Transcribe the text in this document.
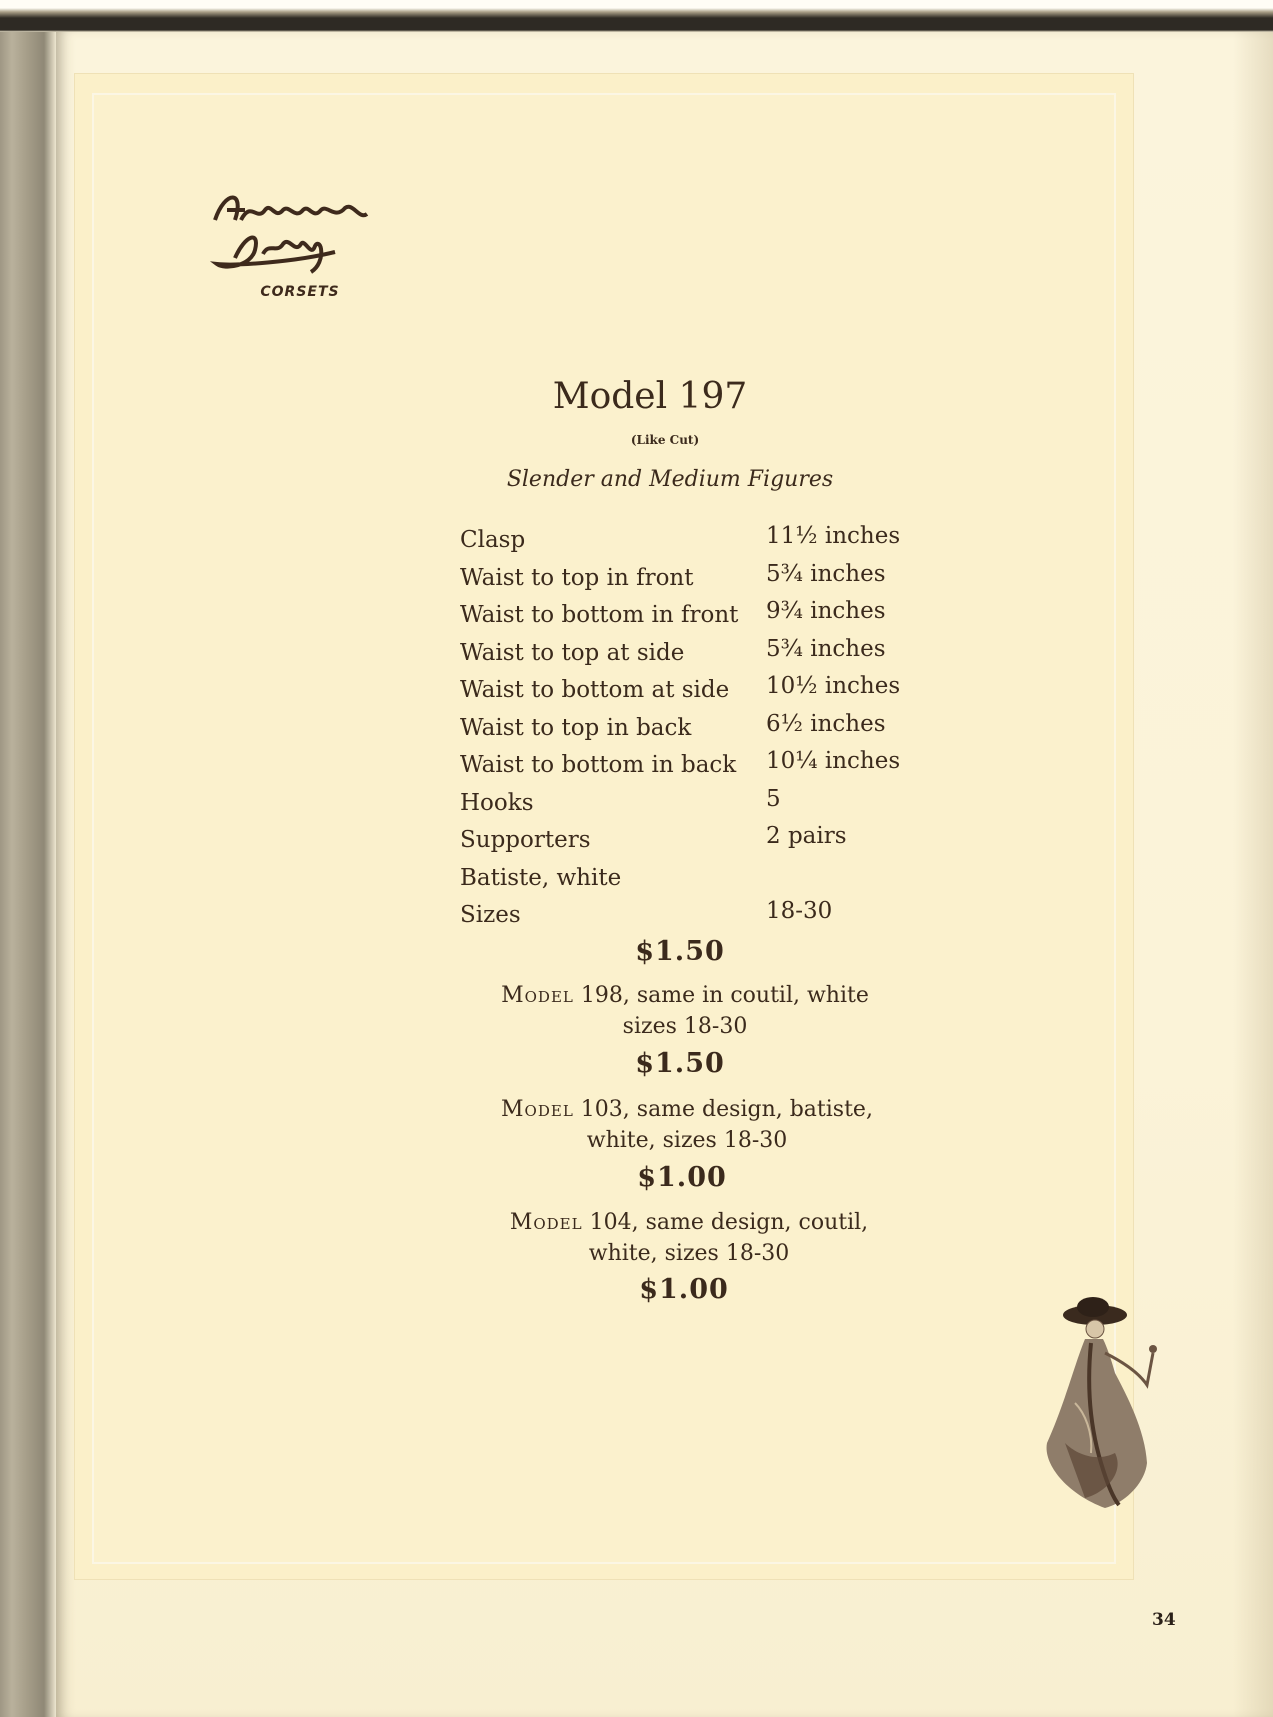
CORSETS
Model 197
(Like Cut)
Slender and Medium Figures
Clasp	11½ inches
Waist to top in front	5¾ inches
Waist to bottom in front 9¾ inches
Waist to top at side	5¾ inches
Waist to bottom at side 10½ inches
Waist to top in back	6½ inches
Waist to bottom in back 10¼ inches
Hooks	5
Supporters	2 pairs
Batiste, white
Sizes	18-30
$1.50
Model 198, same in coutil, white
sizes 18-30
$1.50
Model 103, same design, batiste,
white, sizes 18-30
$1.00
Model 104, same design, coutil,
white, sizes 18-30
$1.00
34
